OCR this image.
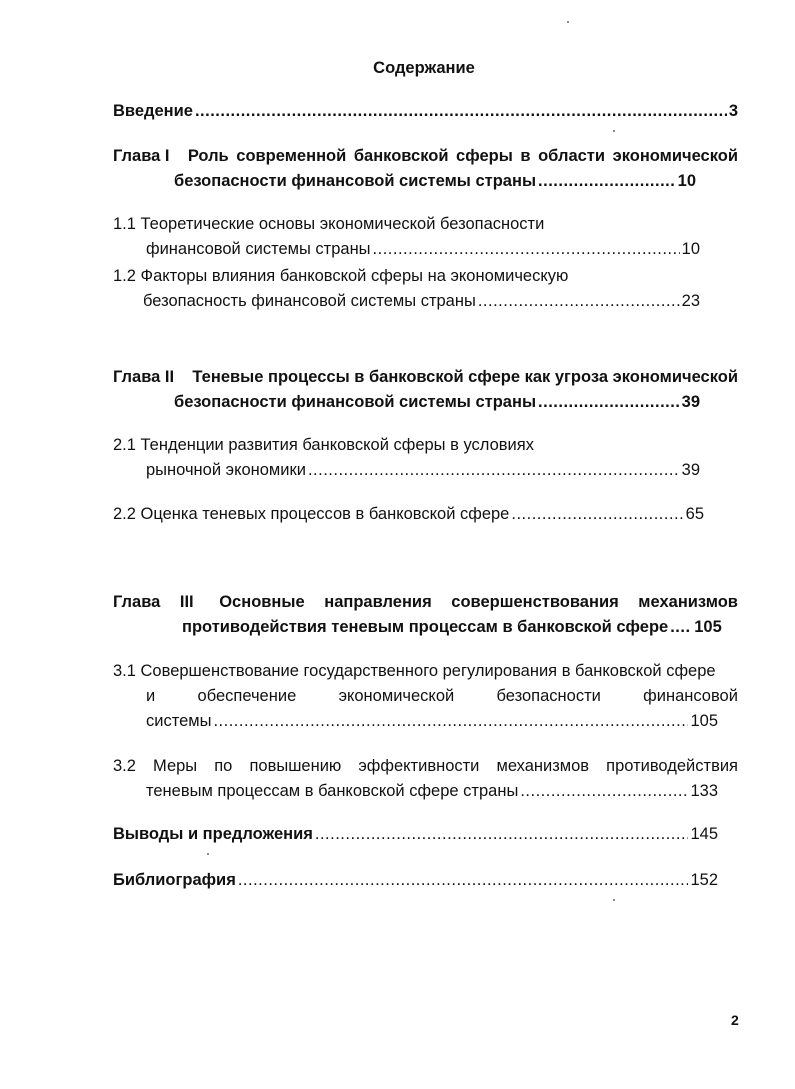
Содержание
Введение .....	3
Глава I	Роль современной банковской сферы в области экономической
безопасности финансовой системы страны .....	10
1.1 Теоретические основы экономической безопасности
финансовой системы страны .....	10
1.2 Факторы влияния банковской сферы на экономическую
безопасность финансовой системы страны .....	23
Глава II	Теневые процессы в банковской сфере как угроза экономической
безопасности финансовой системы страны .....	39
2.1 Тенденции развития банковской сферы в условиях
рыночной экономики .....	39
2.2 Оценка теневых процессов в банковской сфере .....	65
Глава III Основные направления совершенствования механизмов
противодействия теневым процессам в банковской сфере ..... 105
3.1 Совершенствование государственного регулирования в банковской сфере
и	обеспечение	экономической	безопасности	финансовой
системы .....	105
3.2 Меры по повышению эффективности механизмов противодействия
теневым процессам в банковской сфере страны .....	133
Выводы и предложения .....	145
Библиография .....	152
2
